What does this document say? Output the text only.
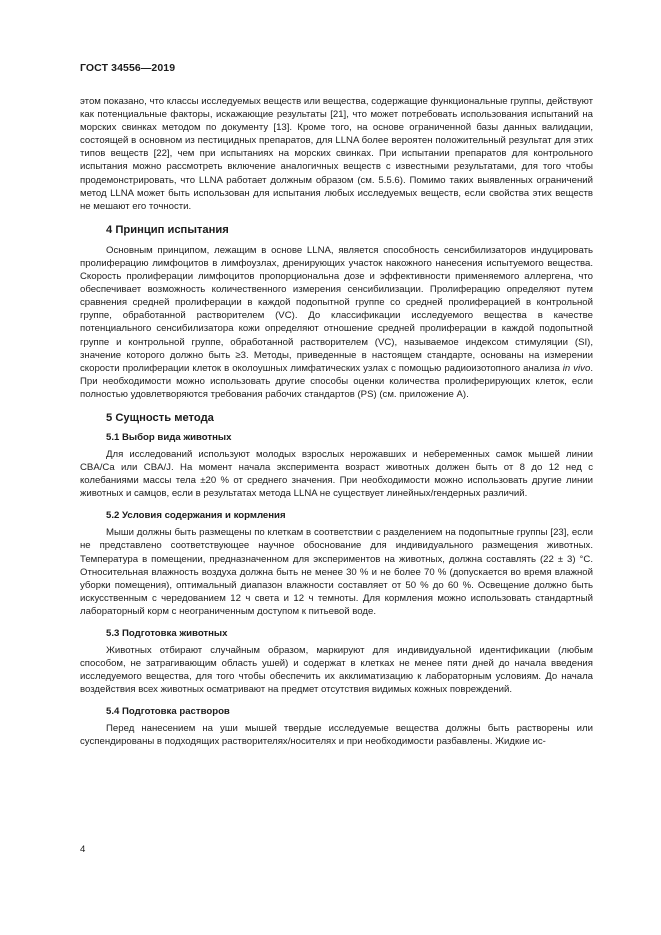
ГОСТ 34556—2019

этом показано, что классы исследуемых веществ или вещества, содержащие функциональные группы, действуют как потенциальные факторы, искажающие результаты [21], что может потребовать использования испытаний на морских свинках методом по документу [13]. Кроме того, на основе ограниченной базы данных валидации, состоящей в основном из пестицидных препаратов, для LLNA более вероятен положительный результат для этих типов веществ [22], чем при испытаниях на морских свинках. При испытании препаратов для контрольного испытания можно рассмотреть включение аналогичных веществ с известными результатами, для того чтобы продемонстрировать, что LLNA работает должным образом (см. 5.5.6). Помимо таких выявленных ограничений метод LLNA может быть использован для испытания любых исследуемых веществ, если свойства этих веществ не мешают его точности.

4 Принцип испытания

Основным принципом, лежащим в основе LLNA, является способность сенсибилизаторов индуцировать пролиферацию лимфоцитов в лимфоузлах, дренирующих участок накожного нанесения испытуемого вещества. Скорость пролиферации лимфоцитов пропорциональна дозе и эффективности применяемого аллергена, что обеспечивает возможность количественного измерения сенсибилизации. Пролиферацию определяют путем сравнения средней пролиферации в каждой подопытной группе со средней пролиферацией в контрольной группе, обработанной растворителем (VC). До классификации исследуемого вещества в качестве потенциального сенсибилизатора кожи определяют отношение средней пролиферации в каждой подопытной группе и контрольной группе, обработанной растворителем (VC), называемое индексом стимуляции (SI), значение которого должно быть ≥3. Методы, приведенные в настоящем стандарте, основаны на измерении скорости пролиферации клеток в околоушных лимфатических узлах с помощью радиоизотопного анализа in vivo. При необходимости можно использовать другие способы оценки количества пролиферирующих клеток, если полностью удовлетворяются требования рабочих стандартов (PS) (см. приложение А).

5 Сущность метода
5.1 Выбор вида животных

Для исследований используют молодых взрослых нерожавших и небеременных самок мышей линии CBA/Ca или CBA/J. На момент начала эксперимента возраст животных должен быть от 8 до 12 нед с колебаниями массы тела ±20 % от среднего значения. При необходимости можно использовать другие линии животных и самцов, если в результатах метода LLNA не существует линейных/гендерных различий.

5.2 Условия содержания и кормления

Мыши должны быть размещены по клеткам в соответствии с разделением на подопытные группы [23], если не представлено соответствующее научное обоснование для индивидуального размещения животных. Температура в помещении, предназначенном для экспериментов на животных, должна составлять (22 ± 3) °С. Относительная влажность воздуха должна быть не менее 30 % и не более 70 % (допускается во время влажной уборки помещения), оптимальный диапазон влажности составляет от 50 % до 60 %. Освещение должно быть искусственным с чередованием 12 ч света и 12 ч темноты. Для кормления можно использовать стандартный лабораторный корм с неограниченным доступом к питьевой воде.

5.3 Подготовка животных

Животных отбирают случайным образом, маркируют для индивидуальной идентификации (любым способом, не затрагивающим область ушей) и содержат в клетках не менее пяти дней до начала введения исследуемого вещества, для того чтобы обеспечить их акклиматизацию к лабораторным условиям. До начала воздействия всех животных осматривают на предмет отсутствия видимых кожных повреждений.

5.4 Подготовка растворов

Перед нанесением на уши мышей твердые исследуемые вещества должны быть растворены или суспендированы в подходящих растворителях/носителях и при необходимости разбавлены. Жидкие ис-

4
